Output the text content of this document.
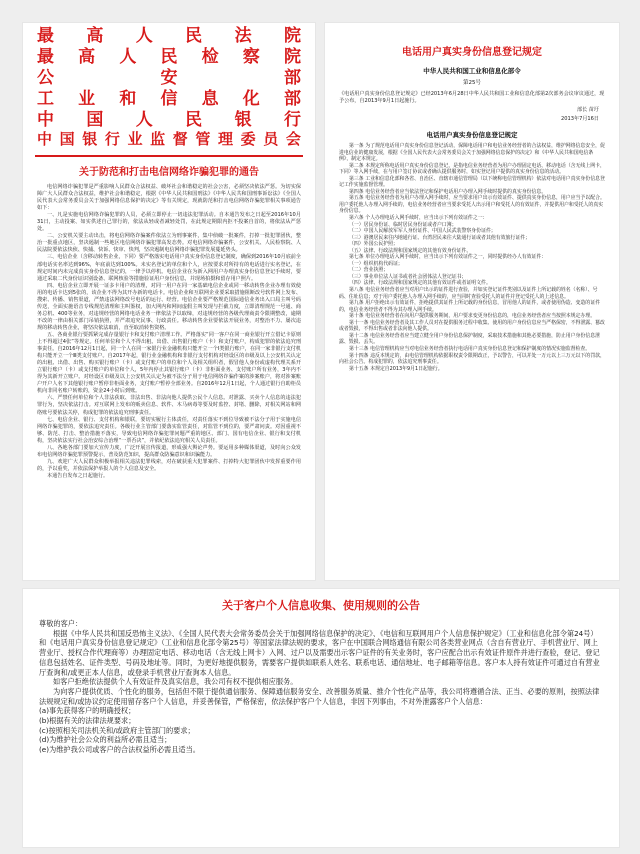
最 高 人 民 法 院
最 高 人 民 检 察 院
公	安	部
工 业 和 信 息 化 部
中 国 人 民 银 行
中 国 银 行 业 监 督 管 理 委 员 会
关于防范和打击电信网络诈骗犯罪的通告

电信网络诈骗犯罪是严重影响人民群众合法权益、破坏社会和谐稳定的社会公害，必须坚决依法严惩。为切实保障广大人民群众合法权益，维护社会和谐稳定，根据《中华人民共和国刑法》《中华人民共和国刑事诉讼法》《全国人民代表大会常务委员会关于加强网络信息保护的决定》等有关规定，现就防范和打击电信网络诈骗犯罪相关事项通告如下：

一、凡是实施电信网络诈骗犯罪的人员，必须立即停止一切违法犯罪活动。自本通告发布之日起至2016年10月31日，主动投案、如实供述自己罪行的，依法从轻或者减轻处罚，在此规定期限内拒不投案自首的，将依法从严惩处。

二、公安机关要主动出击，将电信网络诈骗案件依法立为刑事案件，集中侦破一批案件，打掉一批犯罪团伙，整治一批重点地区，坚决遏制一些地区电信网络诈骗犯罪高发态势。对电信网络诈骗案件，公安机关、人民检察院、人民法院要依法快侦、快捕、快诉、快审、快判，坚决遏制电信网络诈骗犯罪发展蔓延势头。

三、电信企业（含移动转售企业，下同）要严格落实电话用户真实身份信息登记制度，确保到2016年10月底前全部电话实名率达到96%，年底前达到100%。未实名登记的单位和个人，应按要求对所持有的电话进行实名登记，在规定时间内未完成真实身份信息登记的，一律予以停机。电信企业在为新入网用户办理真实身份信息登记手续时，要通过采取二代身份证识别设备、联网核验等措施验证用户身份信息，并现场拍摄和留存用户照片。

四、电信企业立即开展一证多卡用户的清理，对同一用户在同一家基础电信企业或同一移动转售企业办理有效使用的电话卡达到5张的，该企业不得为其开办新的电话卡。电信企业和互联网企业要采取措施阻断改号软件网上发布、搜索、传播、销售渠道，严禁违法网络改号电话的运行、经营。电信企业要严格规范国际通信业务出入口局主叫号码传送，全面实施语音专线规范清理和主叫鉴权，加大网内和网间虚假主叫发现与拦截力度，立即清理规范一号通、商务总机、400等业务，对违规经营的网络电话业务一律依法予以取缔，对违规经营的各级代理商责令限期整改，逾期不改的一律由相关部门吊销执照，并严肃追究民事、行政责任。移动转售企业要依法开展业务，对整治不力、屡次违规的移动转售企业，将坚决依法取消，直至取消转售资格。

五、各商业银行要抓紧完成存量银行卡和支付账户清理工作。严格落实“同一客户在同一商业银行开立借记卡原则上不得超过4张”等规定。任何单位和个人不得出租、出借、出售银行账户（卡）和支付账户，构成犯罪的依法追究刑事责任。自2016年12月1日起，同一个人在同一家银行业金融机构只能开立一个Ⅰ类银行账户，在同一家非银行支付机构只能开立一个Ⅲ类支付账户。自2017年起，银行业金融机构和非银行支付机构对经设区的市级及以上公安机关认定的出租、出借、出售、购买银行账户（卡）或支付账户的单位和个人及相关组织者，假冒他人身份或虚构代理关系开立银行账户（卡）或支付账户的单位和个人，5年内停止其银行账户（卡）非柜面业务、支付账户所有业务，3年内不得为其新开立账户。对经设区市级及以上公安机关认定为被不法分子用于电信网络诈骗作案的涉案账户，将对涉案账户开户人名下其他银行账户暂停非柜面业务，支付账户暂停全部业务。自2016年12月1日起，个人通过银行自助柜员机向非同名账户转账的，资金24小时后到账。

六、严禁任何单位和个人非法获取、非法出售、非法向他人提供公民个人信息。对泄露、买卖个人信息的违法犯罪行为，坚决依法打击。对互联网上发布的贩卖信息、软件、木马病毒等要及时监控、封堵、删除，对相关网站和网络账号要依法关停，构成犯罪的依法追究刑事责任。

七、电信企业、银行、支付机构和银联，要切实履行主体责任，对责任落实不到位导致被不法分子用于实施电信网络诈骗犯罪的，要依法追究责任。各级行业主管部门要落实监管责任，对监管不到位的，要严肃问责。对因重视不够、防范、打击、整治措施不落实，导致电信网络诈骗犯罪问题严重的地区、部门、国有电信企业、银行和支付机构，坚决依法实行社会治安综合治理“一票否决”，并依纪依法追究相关人员责任。

八、各地各部门要加大宣传力度，广泛开展宣传报道，形成强大舆论声势。要运用多种媒体渠道，及时向公众发布电信网络诈骗犯罪预警提示，普及防范知识，提高群众防骗意识和识骗能力。

九、欢迎广大人民群众积极举报相关违法犯罪线索，对在破获重大犯罪案件、打掉特大犯罪团伙中发挥重要作用的，予以重奖，并依法保护举报人的个人信息及安全。

本通告自发布之日起施行。

电话用户真实身份信息登记规定
中华人民共和国工业和信息化部令
第25号
《电话用户真实身份信息登记规定》已经2013年6月28日中华人民共和国工业和信息化部第2次部务会议审议通过，现予公布，自2013年9月1日起施行。
部长 苗圩
2013年7月16日
电话用户真实身份信息登记规定

第一条 为了规范电话用户真实身份信息登记活动，保障电话用户和电信业务经营者的合法权益，维护网络信息安全，促进电信业的健康发展，根据《全国人民代表大会常务委员会关于加强网络信息保护的决定》和《中华人民共和国电信条例》，制定本规定。

第二条 本规定所称电话用户真实身份信息登记，是指电信业务经营者为用户办理固定电话、移动电话（含无线上网卡，下同）等入网手续，在与用户签订协议或者确认提供服务时，如实登记用户提供的真实身份信息的活动。

第三条 工业和信息化部和各省、自治区、直辖市通信管理局（以下统称电信管理机构）依法对电话用户真实身份信息登记工作实施监督管理。

第四条 电信业务经营者应当依法登记和保护电话用户办理入网手续时提供的真实身份信息。

第五条 电信业务经营者为用户办理入网手续时，应当要求用户出示有效证件、提供真实身份信息，用户应当予以配合。用户委托他人办理入网手续的，电信业务经营者应当要求受托人出示用户和受托人的有效证件，并提供用户和受托人的真实身份信息。

第六条 个人办理电话入网手续时，应当出示下列有效证件之一：

（一）居民身份证、临时居民身份证或者户口簿；

（二）中国人民解放军军人身份证件、中国人民武装警察身份证件；

（三）港澳居民来往内地通行证、台湾居民来往大陆通行证或者其他有效旅行证件；

（四）外国公民护照；

（五）法律、行政法规和国家规定的其他有效身份证件。

第七条 单位办理电话入网手续时，应当出示下列有效证件之一，同时提供经办人有效证件：

（一）组织机构代码证；

（二）营业执照；

（三）事业单位法人证书或者社会团体法人登记证书；

（四）法律、行政法规和国家规定的其他有效证件或者证明文件。

第八条 电信业务经营者应当对用户出示的证件进行查验，并如实登记证件类别以及证件上所记载的姓名（名称）、号码、住址信息；对于用户委托他人办理入网手续的，应当同时查验受托人的证件并登记受托人的上述信息。

第九条 用户拒绝出示有效证件，拒绝提供其证件上所记载的身份信息，冒用他人的证件，或者使用伪造、变造的证件的，电信业务经营者不得为其办理入网手续。

第十条 电信业务经营者在向用户提供服务期间，用户要求变更身份信息的，电信业务经营者应当按照本规定办理。

第十一条 电信业务经营者及其工作人员对在提供服务过程中收集、使用的用户身份信息应当严格保密，不得泄露、篡改或者毁损，不得出售或者非法向他人提供。

第十二条 电信业务经营者应当建立健全用户身份信息保护制度，采取技术措施和其他必要措施，防止用户身份信息泄露、毁损、丢失。

第十三条 电信管理机构应当对电信业务经营者执行电话用户真实身份信息登记和保护制度的情况实施监督检查。

第十四条 违反本规定的，由电信管理机构依据职权责令限期改正，予以警告，可以并处一万元以上三万元以下的罚款，向社会公告。构成犯罪的，依法追究刑事责任。

第十五条 本规定自2013年9月1日起施行。

关于客户个人信息收集、使用规则的公告

尊敬的客户：

根据《中华人民共和国反恐怖主义法》、《全国人民代表大会常务委员会关于加强网络信息保护的决定》、《电信和互联网用户个人信息保护规定》（工业和信息化部令第24号）和《电话用户真实身份信息登记规定》（工业和信息化部令第25号）等国家法律法规的要求，客户在中国联合网络通信有限公司各类营业网点（含自有营业厅、手机营业厅、网上营业厅、授权合作代理商等）办理固定电话、移动电话（含无线上网卡）入网、过户以及需要出示客户证件的有关业务时，客户应配合出示有效证件原件并进行查验，登记、登记信息包括姓名、证件类型、号码及地址等。同时，为更好地提供服务，需要客户提供如联系人姓名、联系电话、通信地址、电子邮箱等信息。客户本人持有效证件可通过自有营业厅查询和/或更正本人信息，或登录手机营业厅查询本人信息。

如客户拒绝依法提供个人有效证件及真实信息，我公司有权不提供相应服务。

为向客户提供优质、个性化的服务，包括但不限于提供通信服务、保障通信服务安全、改善服务质量、推介个性化产品等，我公司将遵循合法、正当、必要的原则，按照法律法规规定和/或协议约定使用留存客户个人信息，并妥善保管，严格保密，依法保护客户个人信息，非因下列事由，不对外泄露客户个人信息：

(a)事先获得客户的明确授权；
(b)根据有关的法律法规要求；
(c)按照相关司法机关和/或政府主管部门的要求；
(d)为维护社会公众的利益所必需且适当；
(e)为维护我公司或客户的合法权益所必需且适当。
